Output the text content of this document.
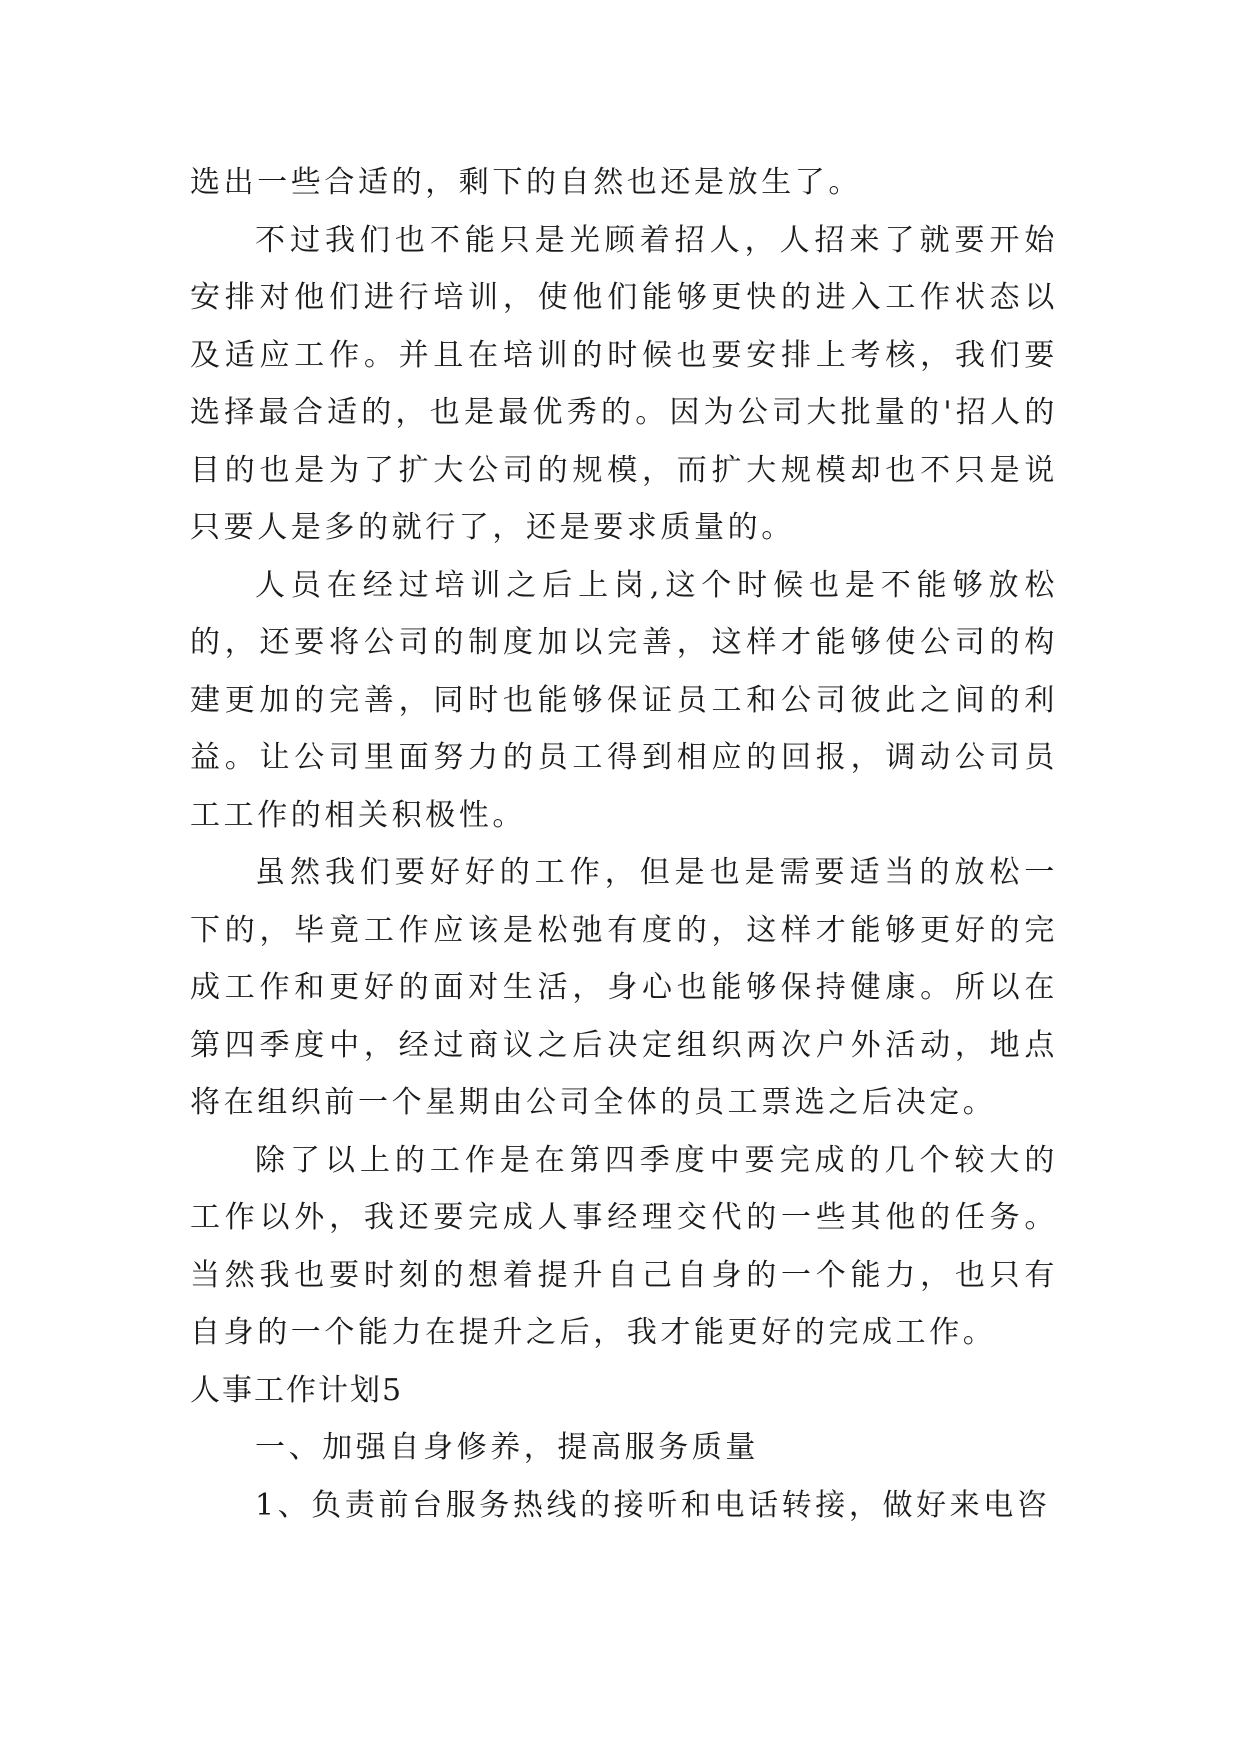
选出一些合适的，剩下的自然也还是放生了。

不过我们也不能只是光顾着招人，人招来了就要开始安排对他们进行培训，使他们能够更快的进入工作状态以及适应工作。并且在培训的时候也要安排上考核，我们要选择最合适的，也是最优秀的。因为公司大批量的'招人的目的也是为了扩大公司的规模，而扩大规模却也不只是说只要人是多的就行了，还是要求质量的。

人员在经过培训之后上岗,这个时候也是不能够放松的，还要将公司的制度加以完善，这样才能够使公司的构建更加的完善，同时也能够保证员工和公司彼此之间的利益。让公司里面努力的员工得到相应的回报，调动公司员工工作的相关积极性。

虽然我们要好好的工作，但是也是需要适当的放松一下的，毕竟工作应该是松弛有度的，这样才能够更好的完成工作和更好的面对生活，身心也能够保持健康。所以在第四季度中，经过商议之后决定组织两次户外活动，地点将在组织前一个星期由公司全体的员工票选之后决定。

除了以上的工作是在第四季度中要完成的几个较大的工作以外，我还要完成人事经理交代的一些其他的任务。当然我也要时刻的想着提升自己自身的一个能力，也只有自身的一个能力在提升之后，我才能更好的完成工作。

人事工作计划5

一、加强自身修养，提高服务质量

1、负责前台服务热线的接听和电话转接，做好来电咨
